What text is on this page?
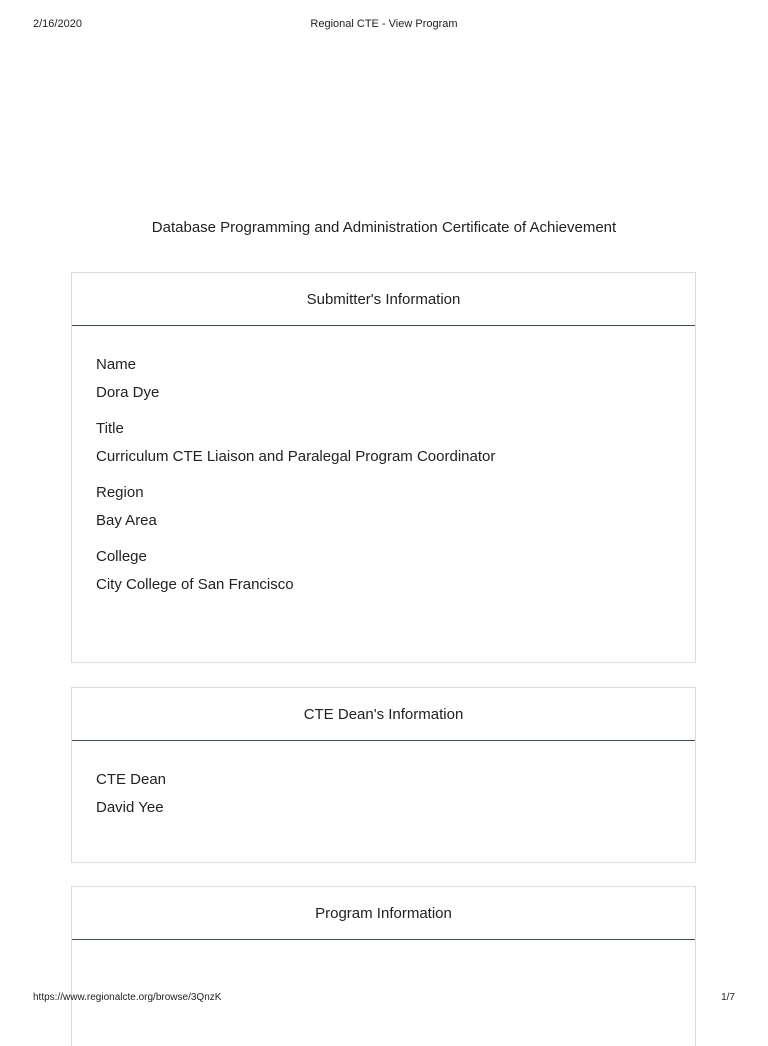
2/16/2020	Regional CTE - View Program
Database Programming and Administration Certificate of Achievement
Submitter's Information
Name
Dora Dye
Title
Curriculum CTE Liaison and Paralegal Program Coordinator
Region
Bay Area
College
City College of San Francisco
CTE Dean's Information
CTE Dean
David Yee
Program Information
https://www.regionalcte.org/browse/3QnzK	1/7
